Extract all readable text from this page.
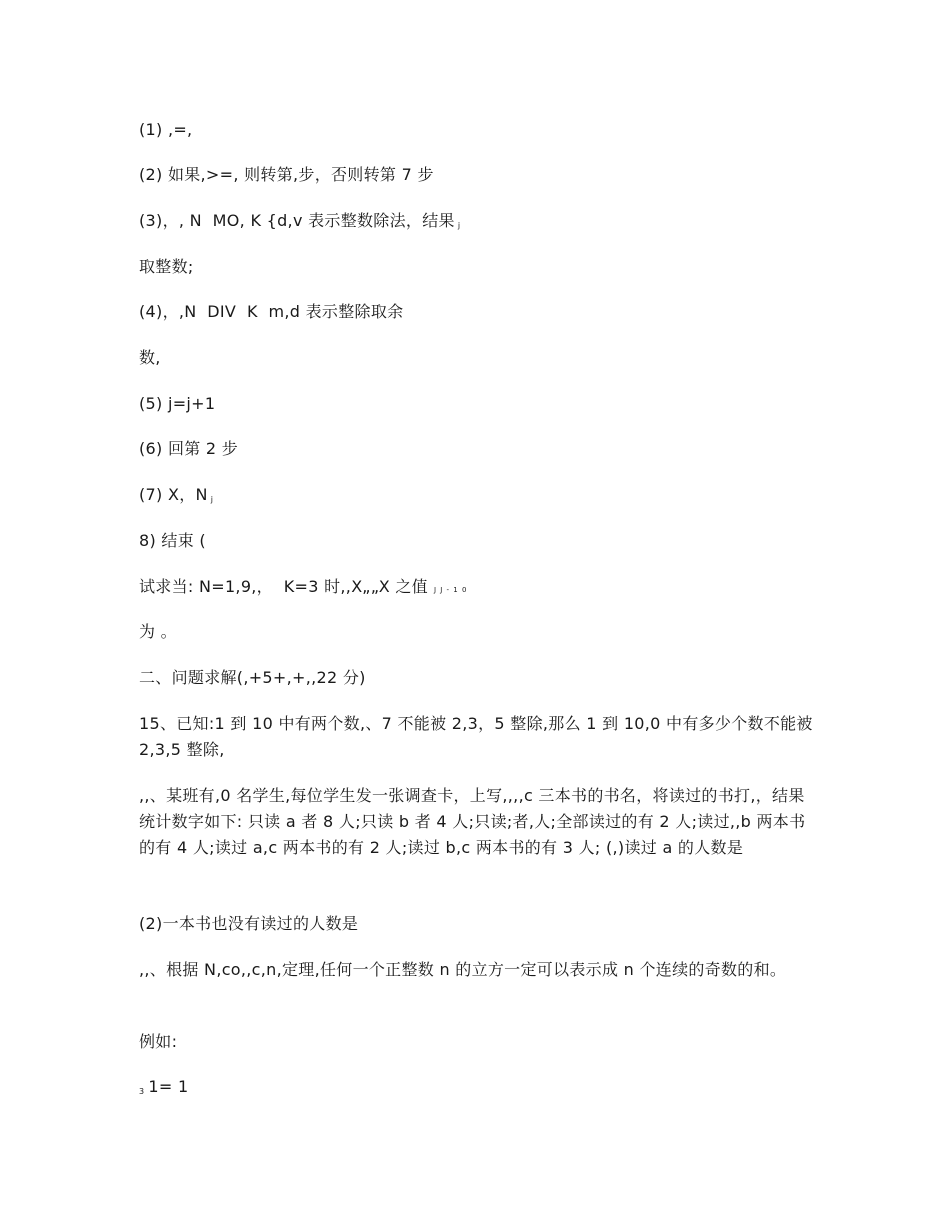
(1) ,=,
(2) 如果,>=, 则转第,步，否则转第 7 步
(3)，, N  MO, K {d,v 表示整数除法，结果 $_j$
取整数;
(4)，,N  DIV  K  m,d 表示整除取余
数,
(5) j=j+1
(6) 回第 2 步
(7) X，N $_j$
8) 结束 (
试求当: N=1,9,，  K=3 时,,X„„X 之值 J J - 1 0
为 。
二、问题求解(,+5+,+,,22 分)
15、已知:1 到 10 中有两个数,、7 不能被 2,3，5 整除,那么 1 到 10,0 中有多少个数不能被 2,3,5 整除,
,,、某班有,0 名学生,每位学生发一张调查卡，上写,,,,c 三本书的书名，将读过的书打,，结果统计数字如下: 只读 a 者 8 人;只读 b 者 4 人;只读;者,人;全部读过的有 2 人;读过,,b 两本书的有 4 人;读过 a,c 两本书的有 2 人;读过 b,c 两本书的有 3 人; (,)读过 a 的人数是
(2)一本书也没有读过的人数是
,,、根据 N,co,,c,n,定理,任何一个正整数 n 的立方一定可以表示成 n 个连续的奇数的和。
例如:
$_3$ 1= 1
